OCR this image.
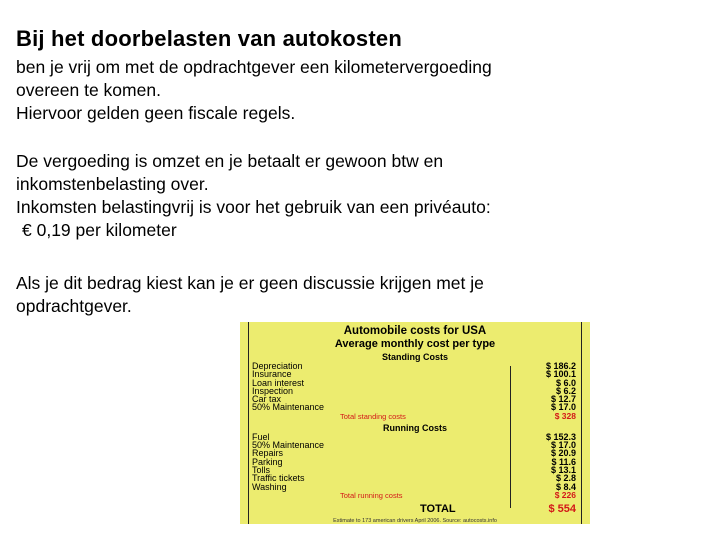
Bij het doorbelasten van autokosten
ben je vrij om met de opdrachtgever een kilometervergoeding
overeen te komen.
Hiervoor gelden geen fiscale regels.
De vergoeding is omzet en je betaalt er gewoon btw en
inkomstenbelasting over.
Inkomsten belastingvrij is voor het gebruik van een privéauto:
€ 0,19 per kilometer
Als je dit bedrag kiest kan je er geen discussie krijgen met je
opdrachtgever.
Automobile costs for USA
Average monthly cost per type
Standing Costs
Depreciation	$ 186.2
Insurance	$ 100.1
Loan interest	$ 6.0
Inspection	$ 6.2
Car tax	$ 12.7
50% Maintenance	$ 17.0
Total standing costs	$ 328
Running Costs
Fuel	$ 152.3
50% Maintenance	$ 17.0
Repairs	$ 20.9
Parking	$ 11.6
Tolls	$ 13.1
Traffic tickets	$ 2.8
Washing	$ 8.4
Total running costs	$ 226
TOTAL	$ 554
Estimate to 173 american drivers April 2006. Source: autocosts.info
